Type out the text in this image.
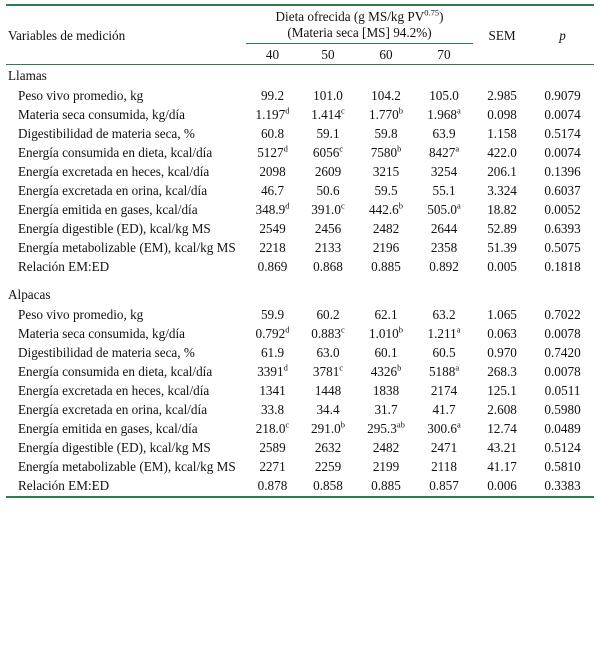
Variables de medición	Dieta ofrecida (g MS/kg $PV^{0.75}$)
(Materia seca [MS] 94.2%)				SEM	p
	40	50	60	70		
Llamas						
Peso vivo promedio, kg	99.2	101.0	104.2	105.0	2.985	0.9079
Materia seca consumida, kg/día	1.197$^d$	1.414$^c$	1.770$^b$	1.968$^a$	0.098	0.0074
Digestibilidad de materia seca, %	60.8	59.1	59.8	63.9	1.158	0.5174
Energía consumida en dieta, kcal/día	5127$^d$	6056$^c$	7580$^b$	8427$^a$	422.0	0.0074
Energía excretada en heces, kcal/día	2098	2609	3215	3254	206.1	0.1396
Energía excretada en orina, kcal/día	46.7	50.6	59.5	55.1	3.324	0.6037
Energía emitida en gases, kcal/día	348.9$^d$	391.0$^c$	442.6$^b$	505.0$^a$	18.82	0.0052
Energía digestible (ED), kcal/kg MS	2549	2456	2482	2644	52.89	0.6393
Energía metabolizable (EM), kcal/kg MS	2218	2133	2196	2358	51.39	0.5075
Relación EM:ED	0.869	0.868	0.885	0.892	0.005	0.1818
Alpacas						
Peso vivo promedio, kg	59.9	60.2	62.1	63.2	1.065	0.7022
Materia seca consumida, kg/día	0.792$^d$	0.883$^c$	1.010$^b$	1.211$^a$	0.063	0.0078
Digestibilidad de materia seca, %	61.9	63.0	60.1	60.5	0.970	0.7420
Energía consumida en dieta, kcal/día	3391$^d$	3781$^c$	4326$^b$	5188$^a$	268.3	0.0078
Energía excretada en heces, kcal/día	1341	1448	1838	2174	125.1	0.0511
Energía excretada en orina, kcal/día	33.8	34.4	31.7	41.7	2.608	0.5980
Energía emitida en gases, kcal/día	218.0$^c$	291.0$^b$	295.3$^{ab}$	300.6$^a$	12.74	0.0489
Energía digestible (ED), kcal/kg MS	2589	2632	2482	2471	43.21	0.5124
Energía metabolizable (EM), kcal/kg MS	2271	2259	2199	2118	41.17	0.5810
Relación EM:ED	0.878	0.858	0.885	0.857	0.006	0.3383
